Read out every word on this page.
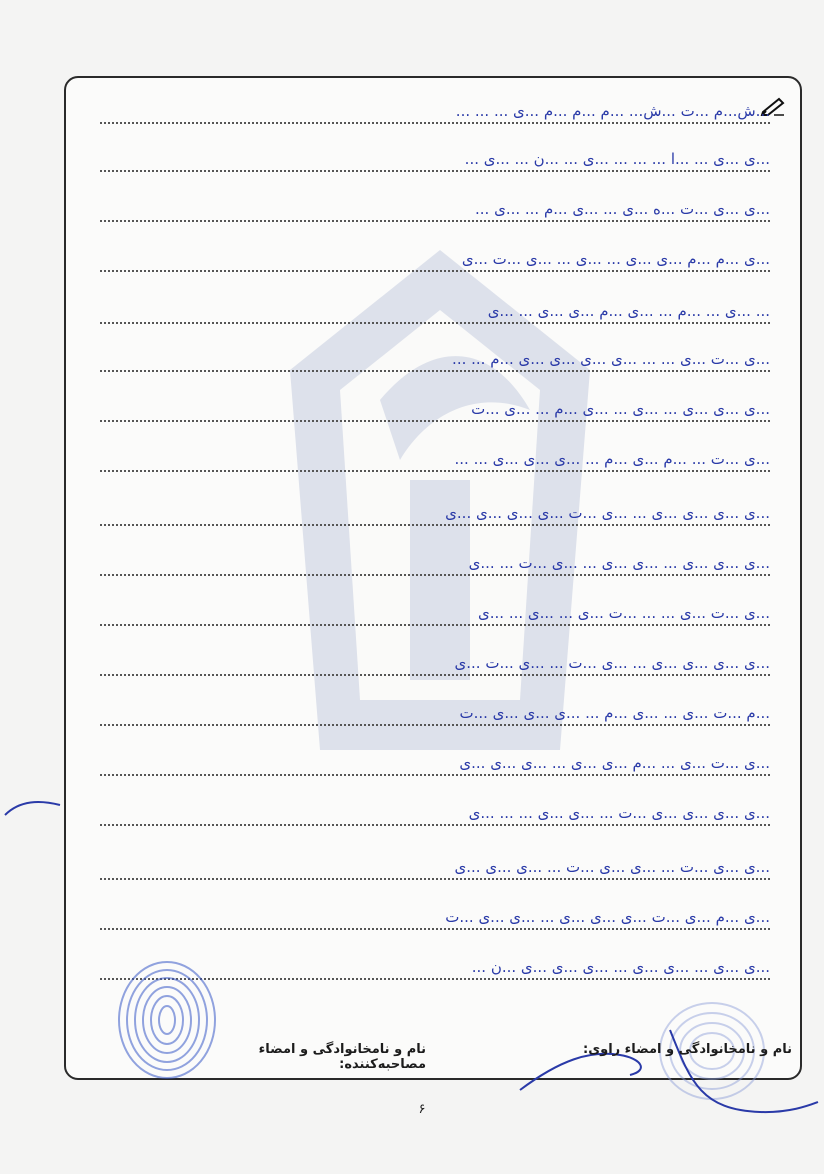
...ش...م ...ت ...ش... ...م ...م ...م ...ی ... ... ...
...ی ...ی ... ...ا ... ... ... ...ی ... ...ن ... ...ی ...
...ی ...ی ...ت ...ه ...ی ... ...ی ...م ... ...ی ...
...ی ...م ...م ...ی ...ی ... ...ی ... ...ی ...ت ...ی
... ...ی ... ...م ... ...ی ...م ...ی ...ی ... ...ی
...ی ...ت ...ی ... ... ...ی ...ی ...ی ...ی ...م ... ...
...ی ...ی ...ی ... ...ی ... ...ی ...م ... ...ی ...ت
...ی ...ت ... ...م ...ی ...م ... ...ی ...ی ...ی ... ...
...ی ...ی ...ی ...ی ... ...ی ...ت ...ی ...ی ...ی ...ی
...ی ...ی ...ی ... ...ی ...ی ... ...ی ...ت ... ...ی
...ی ...ت ...ی ... ... ...ت ...ی ... ...ی ... ...ی
...ی ...ی ...ی ...ی ... ...ی ...ت ... ...ی ...ت ...ی
...م ...ت ...ی ... ...ی ...م ... ...ی ...ی ...ی ...ت
...ی ...ت ...ی ... ...م ...ی ...ی ... ...ی ...ی ...ی
...ی ...ی ...ی ...ی ...ت ... ...ی ...ی ... ... ...ی
...ی ...ی ...ت ... ...ی ...ی ...ت ... ...ی ...ی ...ی
...ی ...م ...ی ...ت ...ی ...ی ...ی ... ...ی ...ی ...ت
...ی ...ی ... ...ی ...ی ... ...ی ...ی ...ی ...ن ...
نام و نامخانوادگی و امضاء راوی:
نام و نامخانوادگی و امضاء مصاحبه‌کننده:
۶
